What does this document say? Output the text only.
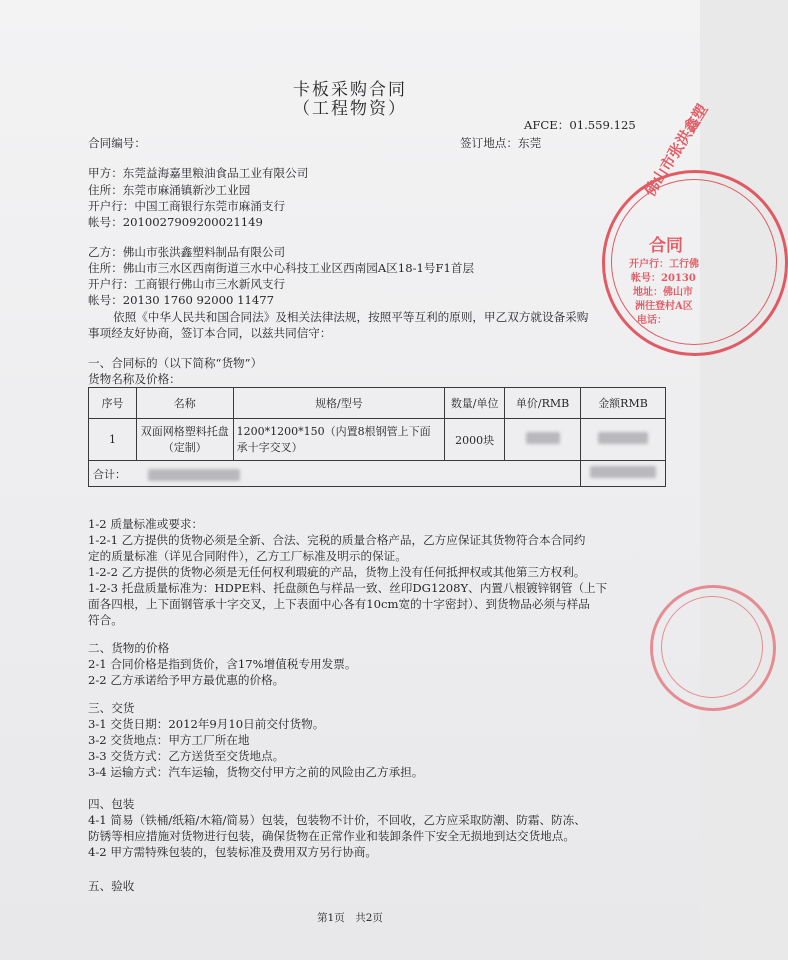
卡板采购合同
（工程物资）
AFCE：01.559.125
合同编号：	签订地点：东莞
甲方：东莞益海嘉里粮油食品工业有限公司
住所：东莞市麻涌镇新沙工业园
开户行：中国工商银行东莞市麻涌支行
帐号：2010027909200021149
乙方：佛山市张洪鑫塑料制品有限公司
住所：佛山市三水区西南街道三水中心科技工业区西南园A区18-1号F1首层
开户行：工商银行佛山市三水新风支行
帐号：20130 1760 92000 11477
依照《中华人民共和国合同法》及相关法律法规，按照平等互利的原则，甲乙双方就设备采购
事项经友好协商，签订本合同，以兹共同信守：
一、合同标的（以下简称“货物”）
货物名称及价格：
序号	名称	规格/型号	数量/单位	单价/RMB	金额RMB
1	双面网格塑料托盘（定制）	1200*1200*150（内置8根钢管上下面承十字交叉）	2000块		
合计：					
1-2 质量标准或要求：
1-2-1 乙方提供的货物必须是全新、合法、完税的质量合格产品，乙方应保证其货物符合本合同约
定的质量标准（详见合同附件），乙方工厂标准及明示的保证。
1-2-2 乙方提供的货物必须是无任何权利瑕疵的产品，货物上没有任何抵押权或其他第三方权利。
1-2-3 托盘质量标准为：HDPE料、托盘颜色与样品一致、丝印DG1208Y、内置八根镀锌钢管（上下
面各四根，上下面钢管承十字交叉，上下表面中心各有10cm宽的十字密封）、到货物品必须与样品
符合。
二、货物的价格
2-1 合同价格是指到货价，含17%增值税专用发票。
2-2 乙方承诺给予甲方最优惠的价格。
三、交货
3-1 交货日期：2012年9月10日前交付货物。
3-2 交货地点：甲方工厂所在地
3-3 交货方式：乙方送货至交货地点。
3-4 运输方式：汽车运输，货物交付甲方之前的风险由乙方承担。
四、包装
4-1 简易（铁桶/纸箱/木箱/简易）包装，包装物不计价，不回收，乙方应采取防潮、防霜、防冻、
防锈等相应措施对货物进行包装，确保货物在正常作业和装卸条件下安全无损地到达交货地点。
4-2 甲方需特殊包装的，包装标准及费用双方另行协商。
五、验收
第1页　共2页
佛山市张洪鑫塑
合同
开户行：工行佛
帐号：20130
地址：佛山市
洲往登村A区
电话：
